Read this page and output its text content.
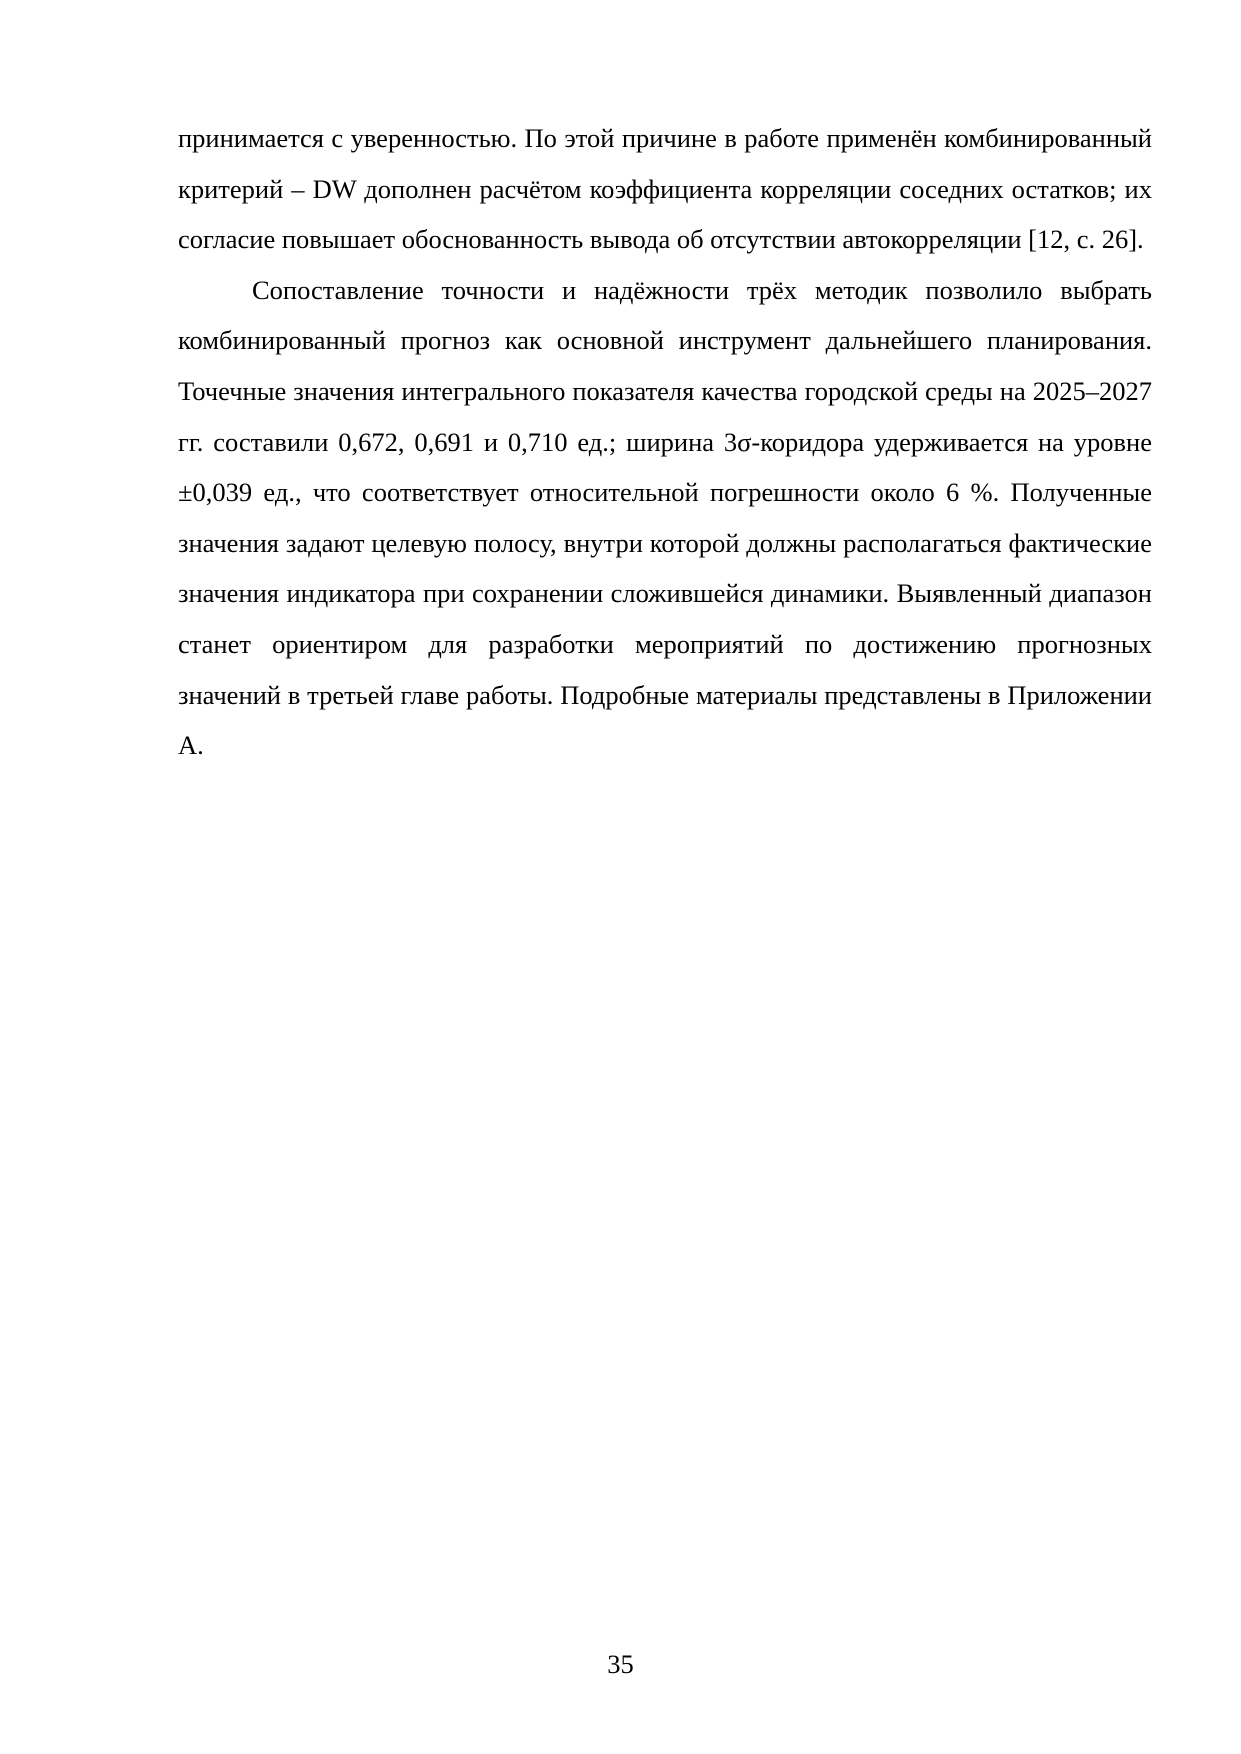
принимается с уверенностью. По этой причине в работе применён комбинированный критерий – DW дополнен расчётом коэффициента корреляции соседних остатков; их согласие повышает обоснованность вывода об отсутствии автокорреляции [12, с. 26].

Сопоставление точности и надёжности трёх методик позволило выбрать комбинированный прогноз как основной инструмент дальнейшего планирования. Точечные значения интегрального показателя качества городской среды на 2025–2027 гг. составили 0,672, 0,691 и 0,710 ед.; ширина 3σ-коридора удерживается на уровне ±0,039 ед., что соответствует относительной погрешности около 6 %. Полученные значения задают целевую полосу, внутри которой должны располагаться фактические значения индикатора при сохранении сложившейся динамики. Выявленный диапазон станет ориентиром для разработки мероприятий по достижению прогнозных значений в третьей главе работы. Подробные материалы представлены в Приложении А.

35
